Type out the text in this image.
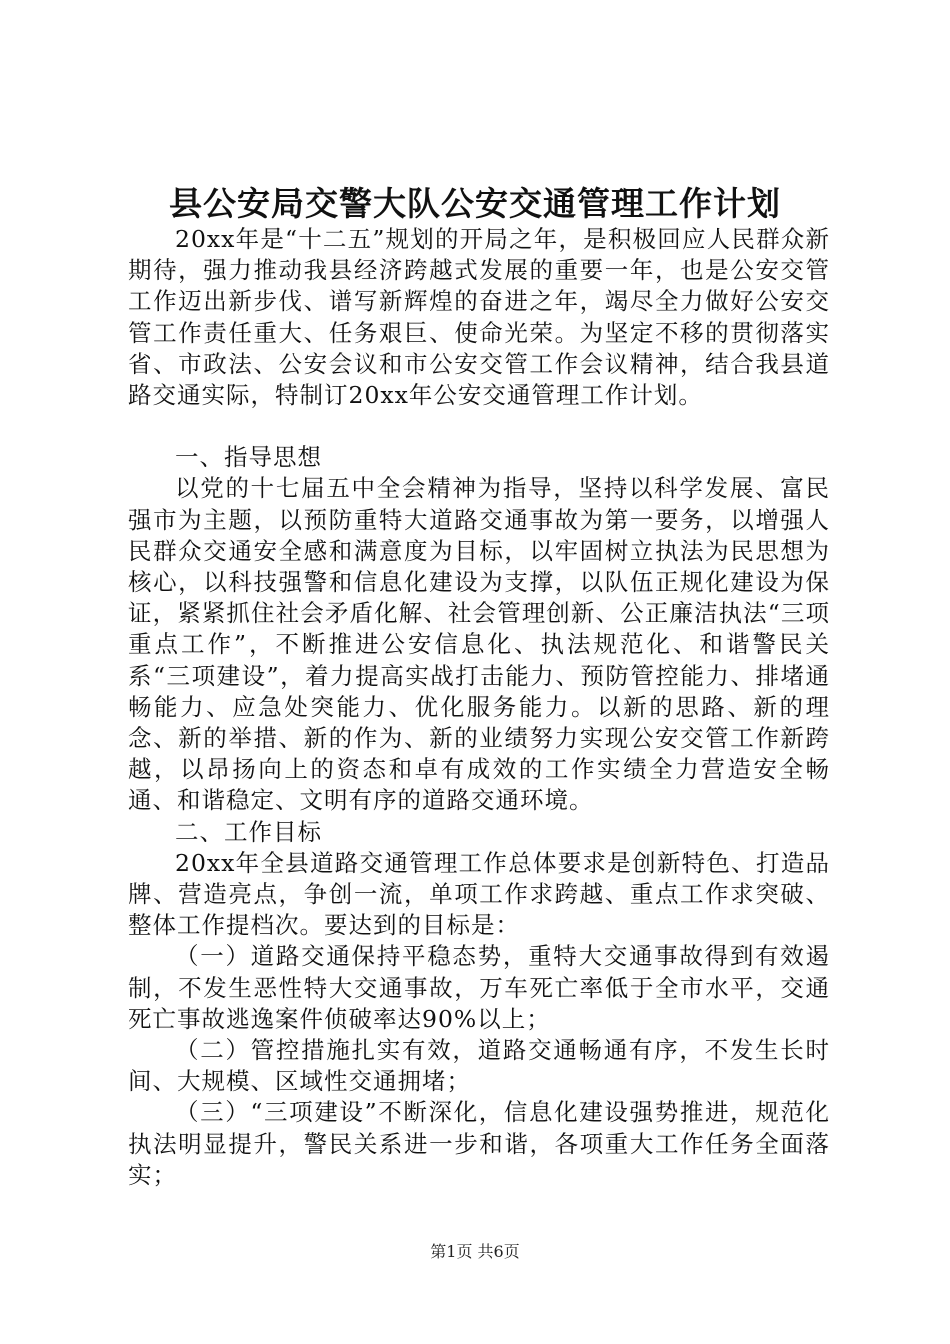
县公安局交警大队公安交通管理工作计划

20xx年是“十二五”规划的开局之年，是积极回应人民群众新期待，强力推动我县经济跨越式发展的重要一年，也是公安交管工作迈出新步伐、谱写新辉煌的奋进之年，竭尽全力做好公安交管工作责任重大、任务艰巨、使命光荣。为坚定不移的贯彻落实省、市政法、公安会议和市公安交管工作会议精神，结合我县道路交通实际，特制订20xx年公安交通管理工作计划。

一、指导思想

以党的十七届五中全会精神为指导，坚持以科学发展、富民强市为主题，以预防重特大道路交通事故为第一要务，以增强人民群众交通安全感和满意度为目标，以牢固树立执法为民思想为核心，以科技强警和信息化建设为支撑，以队伍正规化建设为保证，紧紧抓住社会矛盾化解、社会管理创新、公正廉洁执法“三项重点工作”，不断推进公安信息化、执法规范化、和谐警民关系“三项建设”，着力提高实战打击能力、预防管控能力、排堵通畅能力、应急处突能力、优化服务能力。以新的思路、新的理念、新的举措、新的作为、新的业绩努力实现公安交管工作新跨越，以昂扬向上的资态和卓有成效的工作实绩全力营造安全畅通、和谐稳定、文明有序的道路交通环境。

二、工作目标

20xx年全县道路交通管理工作总体要求是创新特色、打造品牌、营造亮点，争创一流，单项工作求跨越、重点工作求突破、整体工作提档次。要达到的目标是：

（一）道路交通保持平稳态势，重特大交通事故得到有效遏制，不发生恶性特大交通事故，万车死亡率低于全市水平，交通死亡事故逃逸案件侦破率达90%以上；

（二）管控措施扎实有效，道路交通畅通有序，不发生长时间、大规模、区域性交通拥堵；

（三）“三项建设”不断深化，信息化建设强势推进，规范化执法明显提升，警民关系进一步和谐，各项重大工作任务全面落实；

第1页 共6页
